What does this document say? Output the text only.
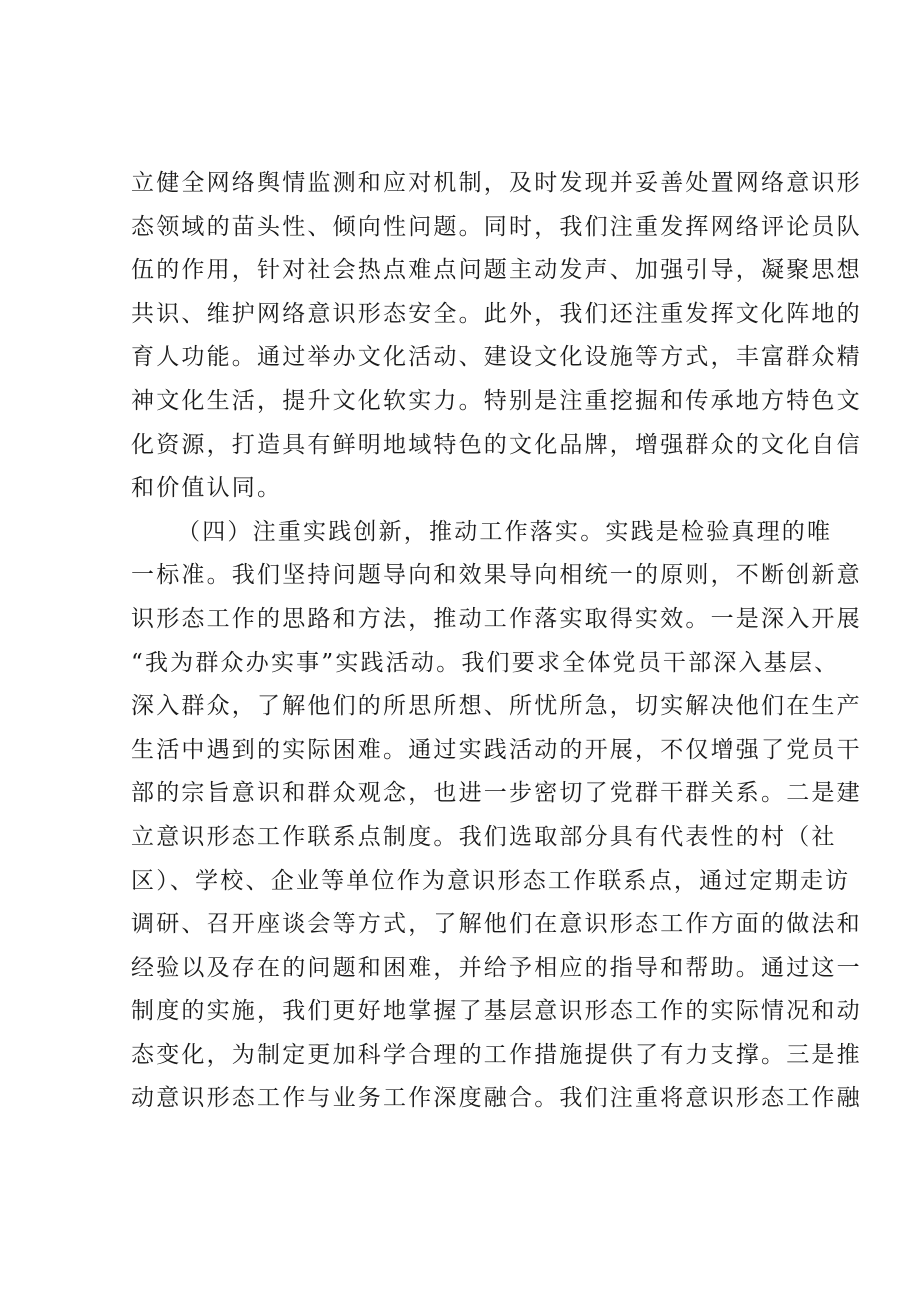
立健全网络舆情监测和应对机制，及时发现并妥善处置网络意识形
态领域的苗头性、倾向性问题。同时，我们注重发挥网络评论员队
伍的作用，针对社会热点难点问题主动发声、加强引导，凝聚思想
共识、维护网络意识形态安全。此外，我们还注重发挥文化阵地的
育人功能。通过举办文化活动、建设文化设施等方式，丰富群众精
神文化生活，提升文化软实力。特别是注重挖掘和传承地方特色文
化资源，打造具有鲜明地域特色的文化品牌，增强群众的文化自信
和价值认同。
（四）注重实践创新，推动工作落实。实践是检验真理的唯
一标准。我们坚持问题导向和效果导向相统一的原则，不断创新意
识形态工作的思路和方法，推动工作落实取得实效。一是深入开展
“我为群众办实事”实践活动。我们要求全体党员干部深入基层、
深入群众，了解他们的所思所想、所忧所急，切实解决他们在生产
生活中遇到的实际困难。通过实践活动的开展，不仅增强了党员干
部的宗旨意识和群众观念，也进一步密切了党群干群关系。二是建
立意识形态工作联系点制度。我们选取部分具有代表性的村（社
区）、学校、企业等单位作为意识形态工作联系点，通过定期走访
调研、召开座谈会等方式，了解他们在意识形态工作方面的做法和
经验以及存在的问题和困难，并给予相应的指导和帮助。通过这一
制度的实施，我们更好地掌握了基层意识形态工作的实际情况和动
态变化，为制定更加科学合理的工作措施提供了有力支撑。三是推
动意识形态工作与业务工作深度融合。我们注重将意识形态工作融
